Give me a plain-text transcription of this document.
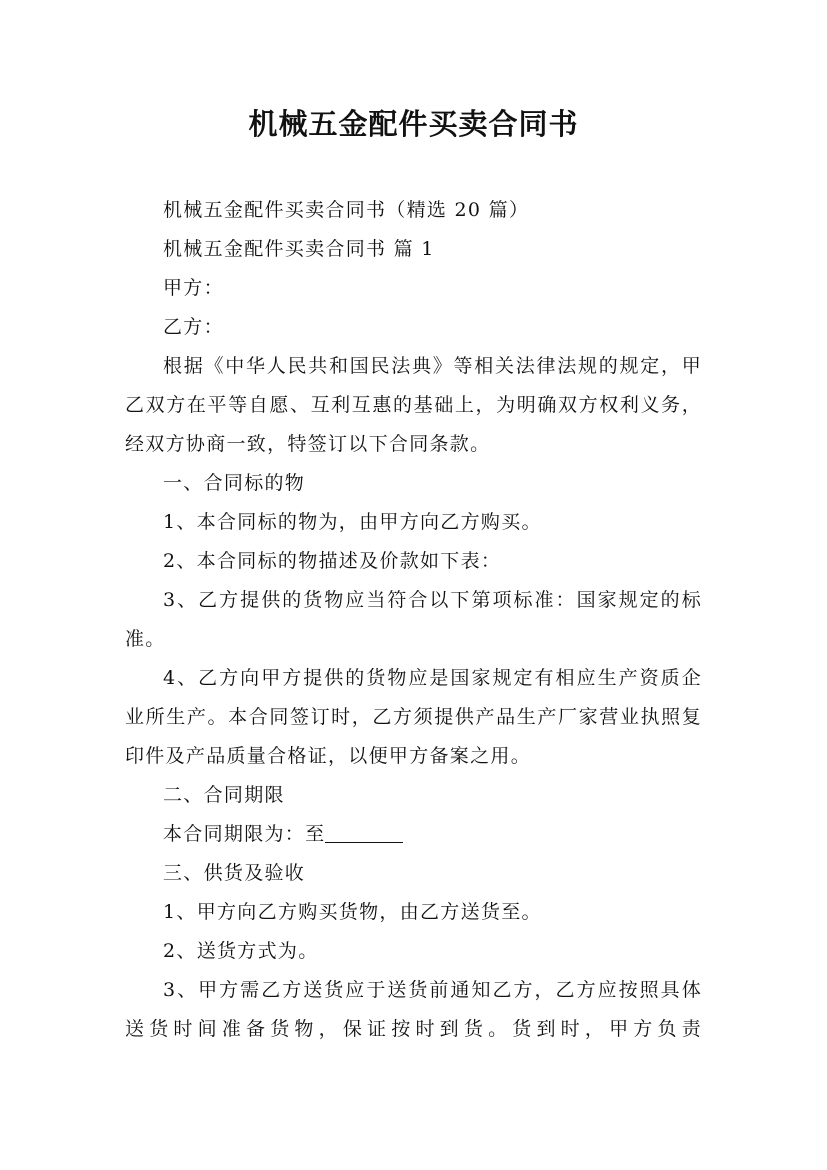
机械五金配件买卖合同书

机械五金配件买卖合同书（精选 20 篇）

机械五金配件买卖合同书 篇 1

甲方：

乙方：

根据《中华人民共和国民法典》等相关法律法规的规定，甲乙双方在平等自愿、互利互惠的基础上，为明确双方权利义务，经双方协商一致，特签订以下合同条款。

一、合同标的物

1、本合同标的物为，由甲方向乙方购买。

2、本合同标的物描述及价款如下表：

3、乙方提供的货物应当符合以下第项标准：国家规定的标准。

4、乙方向甲方提供的货物应是国家规定有相应生产资质企业所生产。本合同签订时，乙方须提供产品生产厂家营业执照复印件及产品质量合格证，以便甲方备案之用。

二、合同期限

本合同期限为：至

三、供货及验收

1、甲方向乙方购买货物，由乙方送货至。

2、送货方式为。

3、甲方需乙方送货应于送货前通知乙方，乙方应按照具体送货时间准备货物，保证按时到货。货到时，甲方负责
